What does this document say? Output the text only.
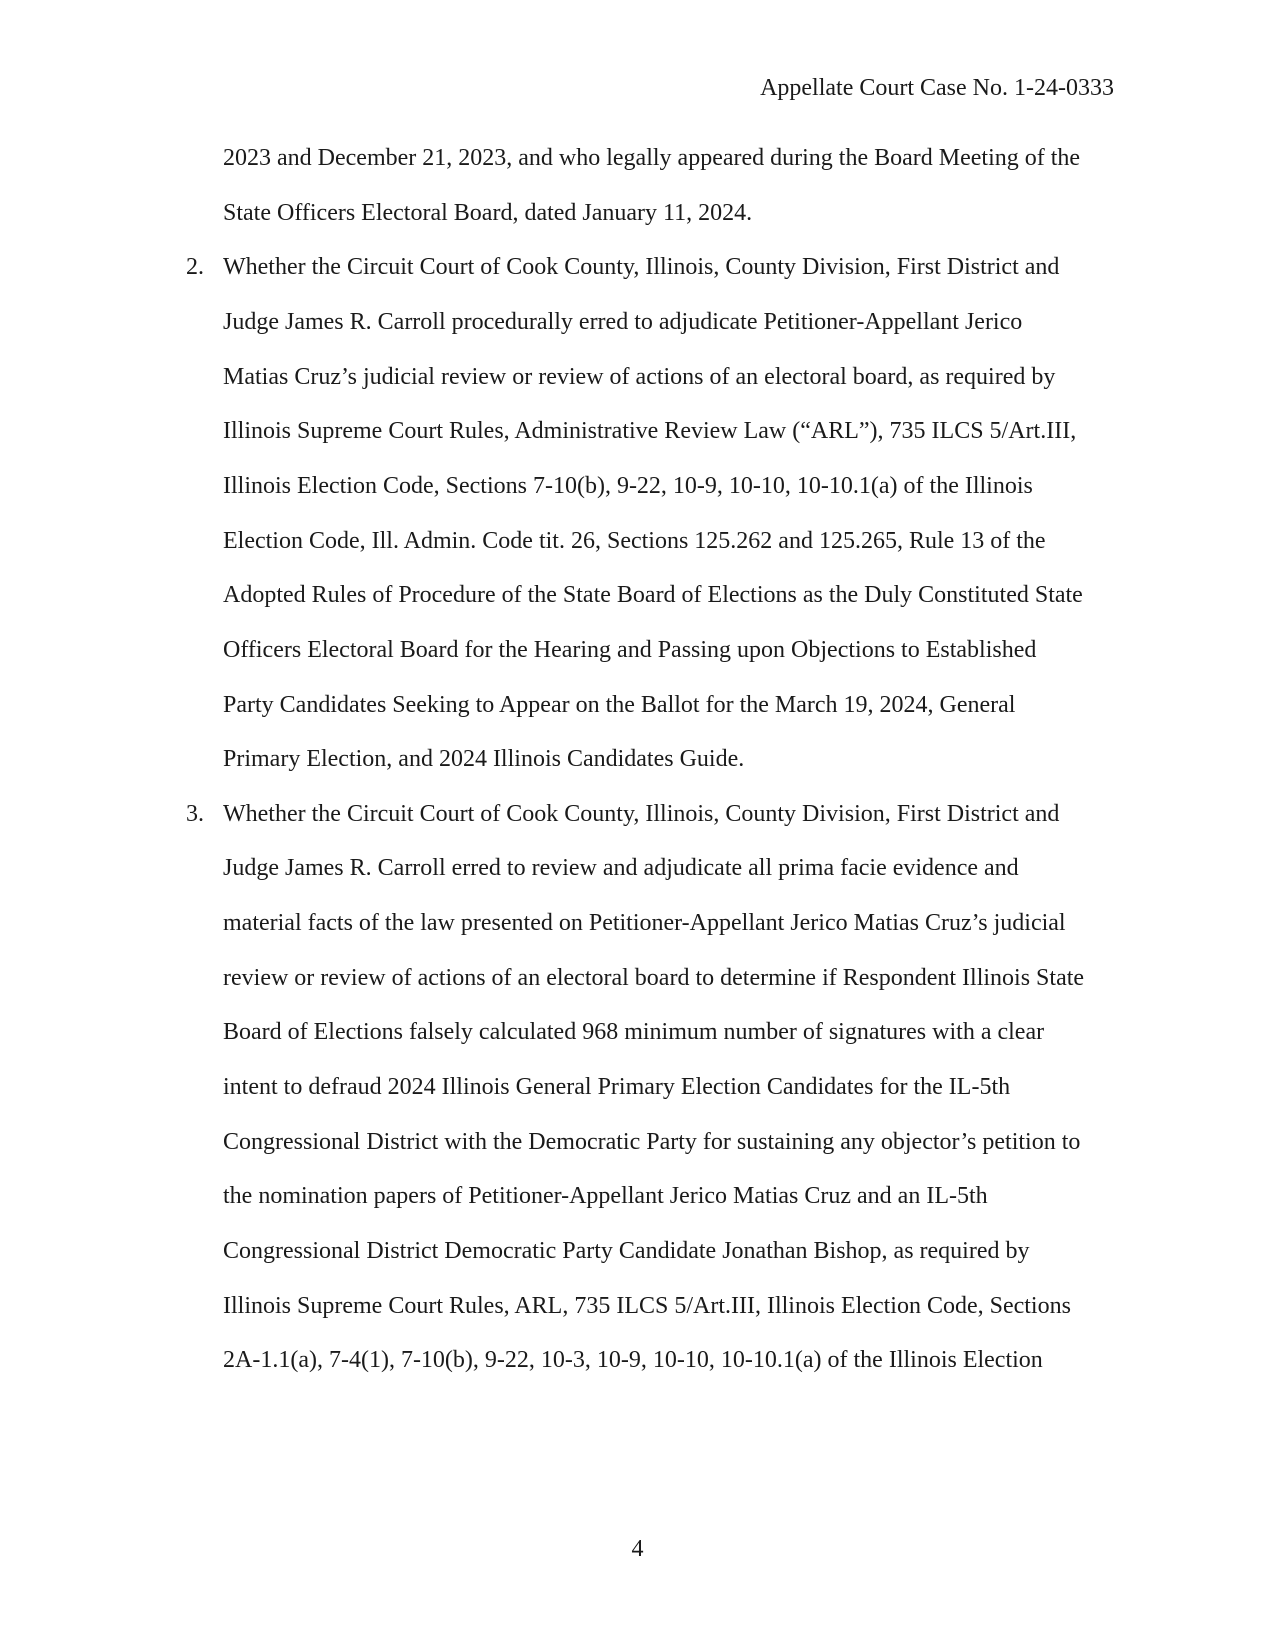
Appellate Court Case No. 1-24-0333
2023 and December 21, 2023, and who legally appeared during the Board Meeting of the
State Officers Electoral Board, dated January 11, 2024.
2. Whether the Circuit Court of Cook County, Illinois, County Division, First District and
Judge James R. Carroll procedurally erred to adjudicate Petitioner-Appellant Jerico
Matias Cruz’s judicial review or review of actions of an electoral board, as required by
Illinois Supreme Court Rules, Administrative Review Law (“ARL”), 735 ILCS 5/Art.III,
Illinois Election Code, Sections 7-10(b), 9-22, 10-9, 10-10, 10-10.1(a) of the Illinois
Election Code, Ill. Admin. Code tit. 26, Sections 125.262 and 125.265, Rule 13 of the
Adopted Rules of Procedure of the State Board of Elections as the Duly Constituted State
Officers Electoral Board for the Hearing and Passing upon Objections to Established
Party Candidates Seeking to Appear on the Ballot for the March 19, 2024, General
Primary Election, and 2024 Illinois Candidates Guide.
3. Whether the Circuit Court of Cook County, Illinois, County Division, First District and
Judge James R. Carroll erred to review and adjudicate all prima facie evidence and
material facts of the law presented on Petitioner-Appellant Jerico Matias Cruz’s judicial
review or review of actions of an electoral board to determine if Respondent Illinois State
Board of Elections falsely calculated 968 minimum number of signatures with a clear
intent to defraud 2024 Illinois General Primary Election Candidates for the IL-5th
Congressional District with the Democratic Party for sustaining any objector’s petition to
the nomination papers of Petitioner-Appellant Jerico Matias Cruz and an IL-5th
Congressional District Democratic Party Candidate Jonathan Bishop, as required by
Illinois Supreme Court Rules, ARL, 735 ILCS 5/Art.III, Illinois Election Code, Sections
2A-1.1(a), 7-4(1), 7-10(b), 9-22, 10-3, 10-9, 10-10, 10-10.1(a) of the Illinois Election
4
